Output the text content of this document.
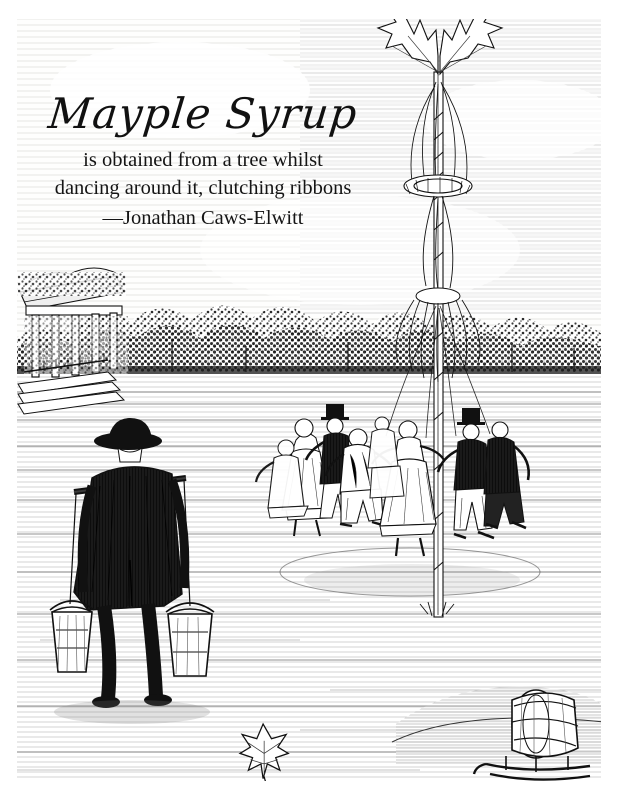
Mayple Syrup

is obtained from a tree whilst

dancing around it, clutching ribbons

—Jonathan Caws-Elwitt
